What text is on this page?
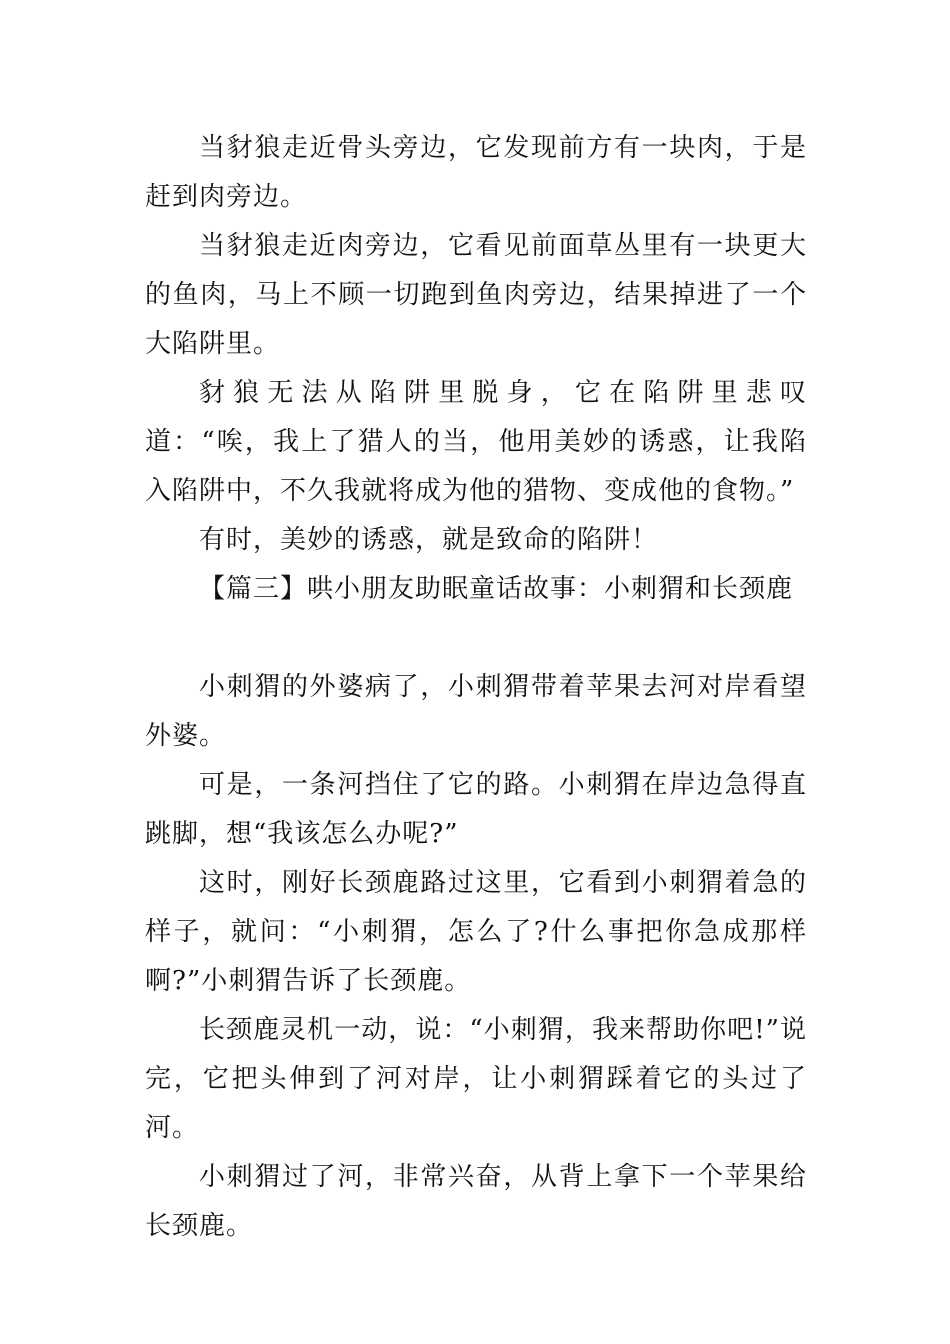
当豺狼走近骨头旁边，它发现前方有一块肉，于是赶到肉旁边。

当豺狼走近肉旁边，它看见前面草丛里有一块更大的鱼肉，马上不顾一切跑到鱼肉旁边，结果掉进了一个大陷阱里。

豺狼无法从陷阱里脱身，它在陷阱里悲叹道：“唉，我上了猎人的当，他用美妙的诱惑，让我陷入陷阱中，不久我就将成为他的猎物、变成他的食物。”

有时，美妙的诱惑，就是致命的陷阱！

【篇三】哄小朋友助眠童话故事：小刺猬和长颈鹿

小刺猬的外婆病了，小刺猬带着苹果去河对岸看望外婆。

可是，一条河挡住了它的路。小刺猬在岸边急得直跳脚，想“我该怎么办呢?”

这时，刚好长颈鹿路过这里，它看到小刺猬着急的样子，就问：“小刺猬，怎么了?什么事把你急成那样啊?”小刺猬告诉了长颈鹿。

长颈鹿灵机一动，说：“小刺猬，我来帮助你吧!”说完，它把头伸到了河对岸，让小刺猬踩着它的头过了河。

小刺猬过了河，非常兴奋，从背上拿下一个苹果给长颈鹿。
